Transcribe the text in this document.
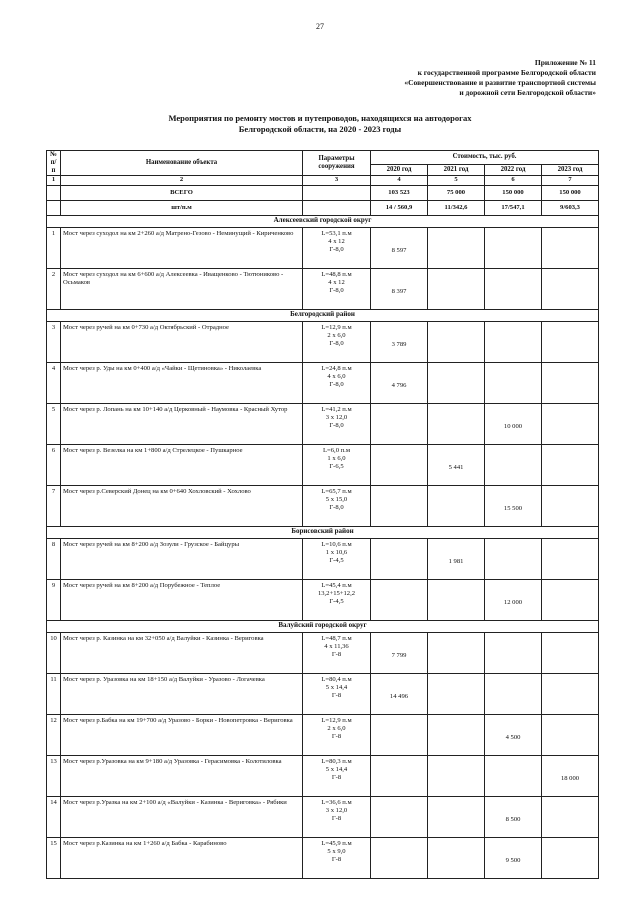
27
Приложение № 11
к государственной программе Белгородской области
«Совершенствование и развитие транспортной системы
и дорожной сети Белгородской области»
Мероприятия по ремонту мостов и путепроводов, находящихся на автодорогах
Белгородской области, на 2020 - 2023 годы
№ п/п	Наименование объекта	Параметры сооружения	Стоимость, тыс. руб.			
			2020 год	2021 год	2022 год	2023 год
1	2	3	4	5	6	7
	ВСЕГО		103 523	75 000	150 000	150 000
	шт/п.м		14 / 560,9	11/342,6	17/547,1	9/603,3
Алексеевский городской округ						
1	Мост через суходол на км 2+260 а/д Матрено-Гезово - Неминущий - Кириченково	L=53,1 п.м
4 х 12
Г-8,0	8 597			
2	Мост через суходол на км 6+600 а/д Алексеевка - Иващенково - Тютюниково - Осьмаков	L=48,8 п.м
4 х 12
Г-8,0	8 397			
Белгородский район						
3	Мост через ручей на км 0+730 а/д Октябрьский - Отрадное	L=12,9 п.м
2 х 6,0
Г-8,0	3 789			
4	Мост через р. Уды на км 0+400 а/д «Чайки - Щетиновка» - Николаевка	L=24,8 п.м
4 х 6,0
Г-8,0	4 796			
5	Мост через р. Лопань на км 10+140 а/д Церковный - Наумовка - Красный Хутор	L=41,2 п.м
3 х 12,0
Г-8,0			10 000	
6	Мост через р. Везелка на км 1+800 а/д Стрелецкое - Пушкарное	L=6,0 п.м
1 х 6,0
Г-6,5		5 441		
7	Мост через р.Северский Донец на км 0+640 Хохловский - Хохлово	L=65,7 п.м
5 х 15,0
Г-8,0			15 500	
Борисовский район						
8	Мост через ручей на км 8+200 а/д Зозули - Грузское - Байцуры	L=10,6 п.м
1 х 10,6
Г-4,5		1 981		
9	Мост через ручей на км 8+200 а/д Порубежное - Теплое	L=45,4 п.м
13,2+15+12,2
Г-4,5			12 000	
Валуйский городской округ						
10	Мост через р. Казинка на км 32+050 а/д Валуйки - Казинка - Вериговка	L=48,7 п.м
4 х 11,36
Г-8	7 799			
11	Мост через р. Уразовка на км 18+150 а/д Валуйки - Уразово - Логачевка	L=80,4 п.м
5 х 14,4
Г-8	14 496			
12	Мост через р.Бабка на км 19+700 а/д Уразово - Борки - Новопетровка - Вериговка	L=12,9 п.м
2 х 6,0
Г-8			4 500	
13	Мост через р.Уразовка на км 9+180 а/д Уразовка - Герасимовка - Колотиловка	L=80,3 п.м
5 х 14,4
Г-8				18 000
14	Мост через р.Уразка на км 2+100 а/д «Валуйки - Казинка - Вериговка» - Рябики	L=36,6 п.м
3 х 12,0
Г-8			8 500	
15	Мост через р.Казинка на км 1+260 а/д Бабка - Карабиново	L=45,9 п.м
5 х 9,0
Г-8			9 500	
